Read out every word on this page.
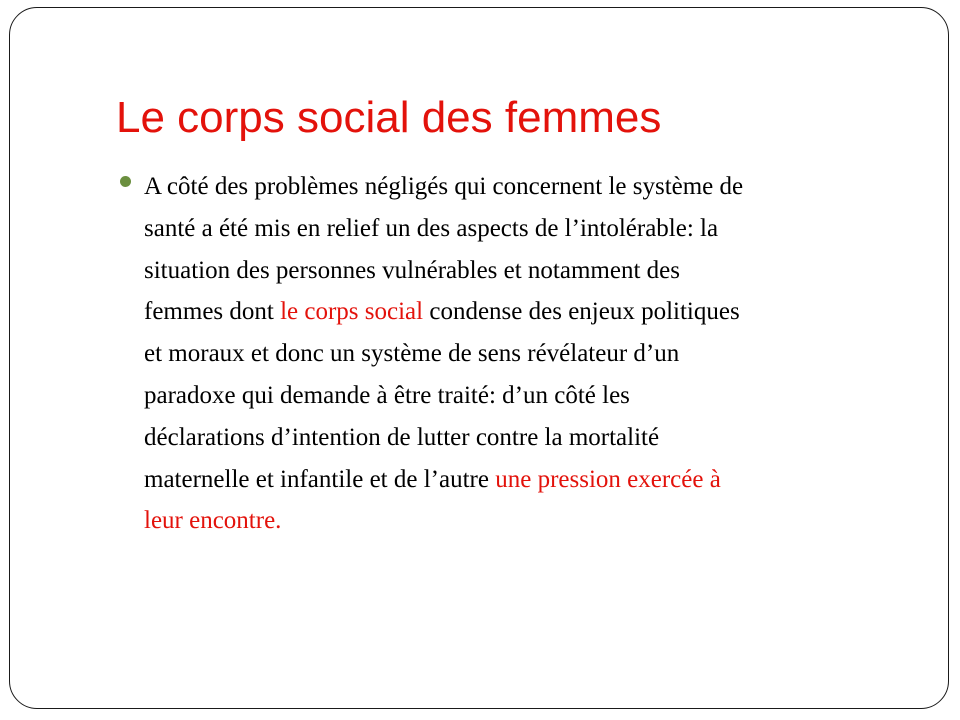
Le corps social des femmes
A côté des problèmes négligés qui concernent le système de
santé a été mis en relief un des aspects de l’intolérable: la
situation des personnes vulnérables et notamment des
femmes dont le corps social condense des enjeux politiques
et moraux et donc un système de sens révélateur d’un
paradoxe qui demande à être traité: d’un côté les
déclarations d’intention de lutter contre la mortalité
maternelle et infantile et de l’autre une pression exercée à
leur encontre.
